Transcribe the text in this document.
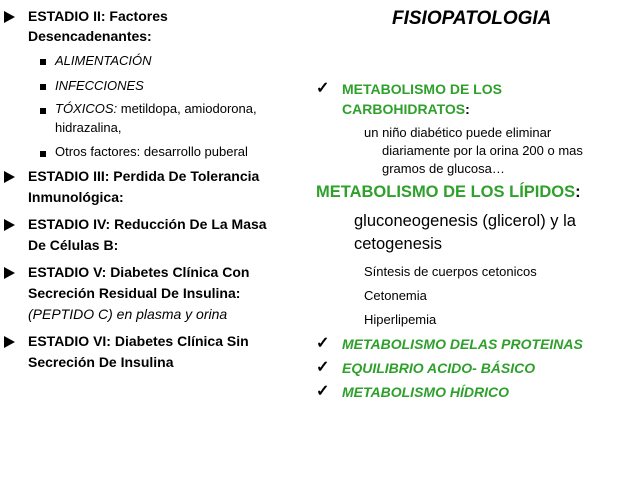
ESTADIO II: Factores
Desencadenantes:
ALIMENTACIÓN
INFECCIONES
TÓXICOS: metildopa, amiodorona,
hidrazalina,
Otros factores: desarrollo puberal
ESTADIO III: Perdida De Tolerancia
Inmunológica:
ESTADIO IV: Reducción De La Masa
De Células B:
ESTADIO V: Diabetes Clínica Con
Secreción Residual De Insulina:
(PEPTIDO C) en plasma y orina
ESTADIO VI: Diabetes Clínica Sin
Secreción De Insulina
FISIOPATOLOGIA
✓ METABOLISMO DE LOS
CARBOHIDRATOS:
un niño diabético puede eliminar
diariamente por la orina 200 o mas
gramos de glucosa…
METABOLISMO DE LOS LÍPIDOS:
gluconeogenesis (glicerol) y la
cetogenesis
Síntesis de cuerpos cetonicos
Cetonemia
Hiperlipemia
✓ METABOLISMO DELAS PROTEINAS
✓ EQUILIBRIO ACIDO- BÁSICO
✓ METABOLISMO HÍDRICO
